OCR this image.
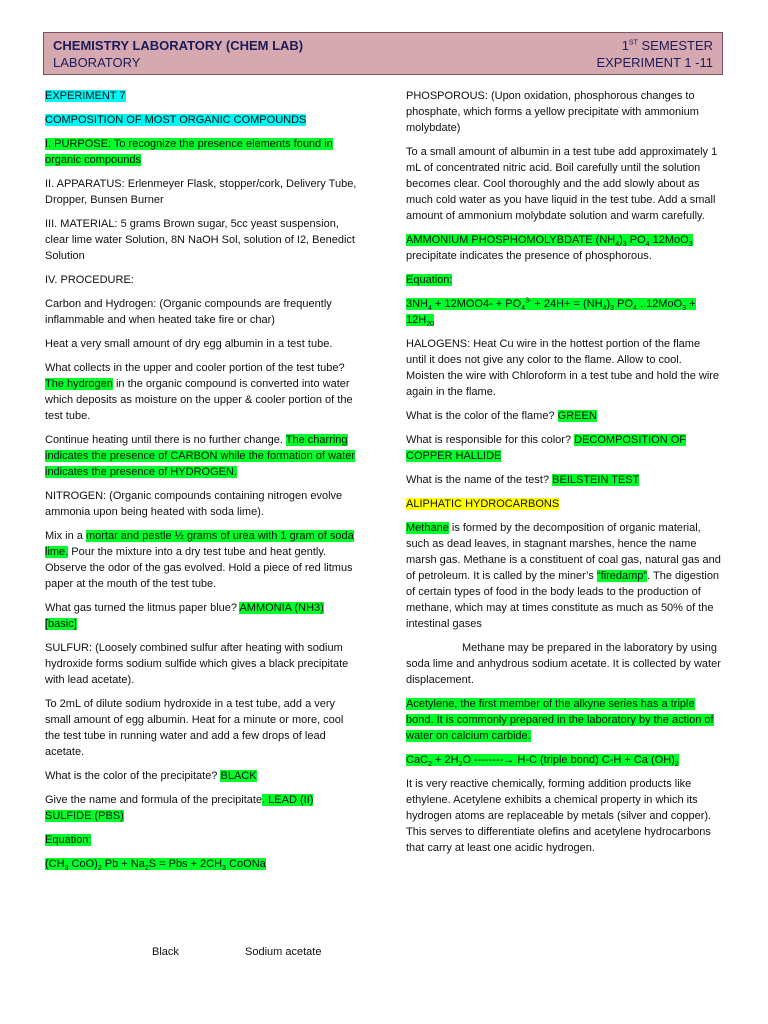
CHEMISTRY LABORATORY (CHEM LAB)
LABORATORY
1ST SEMESTER
EXPERIMENT 1 -11

EXPERIMENT 7

COMPOSITION OF MOST ORGANIC COMPOUNDS

I. PURPOSE: To recognize the presence elements found in organic compounds

II. APPARATUS: Erlenmeyer Flask, stopper/cork, Delivery Tube, Dropper, Bunsen Burner

III. MATERIAL: 5 grams Brown sugar, 5cc yeast suspension, clear lime water Solution, 8N NaOH Sol, solution of I2, Benedict Solution

IV. PROCEDURE:

Carbon and Hydrogen: (Organic compounds are frequently inflammable and when heated take fire or char)

Heat a very small amount of dry egg albumin in a test tube.

What collects in the upper and cooler portion of the test tube? The hydrogen in the organic compound is converted into water which deposits as moisture on the upper & cooler portion of the test tube.

Continue heating until there is no further change. The charring indicates the presence of CARBON while the formation of water indicates the presence of HYDROGEN.

NITROGEN: (Organic compounds containing nitrogen evolve ammonia upon being heated with soda lime).

Mix in a mortar and pestle ½ grams of urea with 1 gram of soda lime. Pour the mixture into a dry test tube and heat gently. Observe the odor of the gas evolved. Hold a piece of red litmus paper at the mouth of the test tube.

What gas turned the litmus paper blue? AMMONIA (NH3) [basic]

SULFUR: (Loosely combined sulfur after heating with sodium hydroxide forms sodium sulfide which gives a black precipitate with lead acetate).

To 2mL of dilute sodium hydroxide in a test tube, add a very small amount of egg albumin. Heat for a minute or more, cool the test tube in running water and add a few drops of lead acetate.

What is the color of the precipitate? BLACK

Give the name and formula of the precipitate. LEAD (II) SULFIDE (PBS)

Equation:

($CH_3$ $CoO)_2$ $Pb + Na_2S$ = Pbs + $2CH_3$ CoONa

Black	Sodium acetate

PHOSPOROUS: (Upon oxidation, phosphorous changes to phosphate, which forms a yellow precipitate with ammonium molybdate)

To a small amount of albumin in a test tube add approximately 1 mL of concentrated nitric acid. Boil carefully until the solution becomes clear. Cool thoroughly and the add slowly about as much cold water as you have liquid in the test tube. Add a small amount of ammonium molybdate solution and warm carefully.

AMMONIUM PHOSPHOMOLYBDATE $(NH_4)_3$ $PO_4$ 12MoO$_3$ precipitate indicates the presence of phosphorous.

Equation:

$3NH_4 + 12MOO4- + PO_4^{3-} + 24H+ = (NH_4)_3$ $PO_4$ . $12MoO_3 + 12H_{20}$

HALOGENS: Heat Cu wire in the hottest portion of the flame until it does not give any color to the flame. Allow to cool. Moisten the wire with Chloroform in a test tube and hold the wire again in the flame.

What is the color of the flame? GREEN

What is responsible for this color? DECOMPOSITION OF COPPER HALLIDE

What is the name of the test? BEILSTEIN TEST

ALIPHATIC HYDROCARBONS

Methane is formed by the decomposition of organic material, such as dead leaves, in stagnant marshes, hence the name marsh gas. Methane is a constituent of coal gas, natural gas and of petroleum. It is called by the miner’s “firedamp”. The digestion of certain types of food in the body leads to the production of methane, which may at times constitute as much as 50% of the intestinal gases

Methane may be prepared in the laboratory by using soda lime and anhydrous sodium acetate. It is collected by water displacement.

Acetylene, the first member of the alkyne series has a triple bond. It is commonly prepared in the laboratory by the action of water on calcium carbide.

$CaC_2 + 2H_2O$ --------→ H-C (triple bond) C-H + Ca $(OH)_2$

It is very reactive chemically, forming addition products like ethylene. Acetylene exhibits a chemical property in which its hydrogen atoms are replaceable by metals (silver and copper). This serves to differentiate olefins and acetylene hydrocarbons that carry at least one acidic hydrogen.
